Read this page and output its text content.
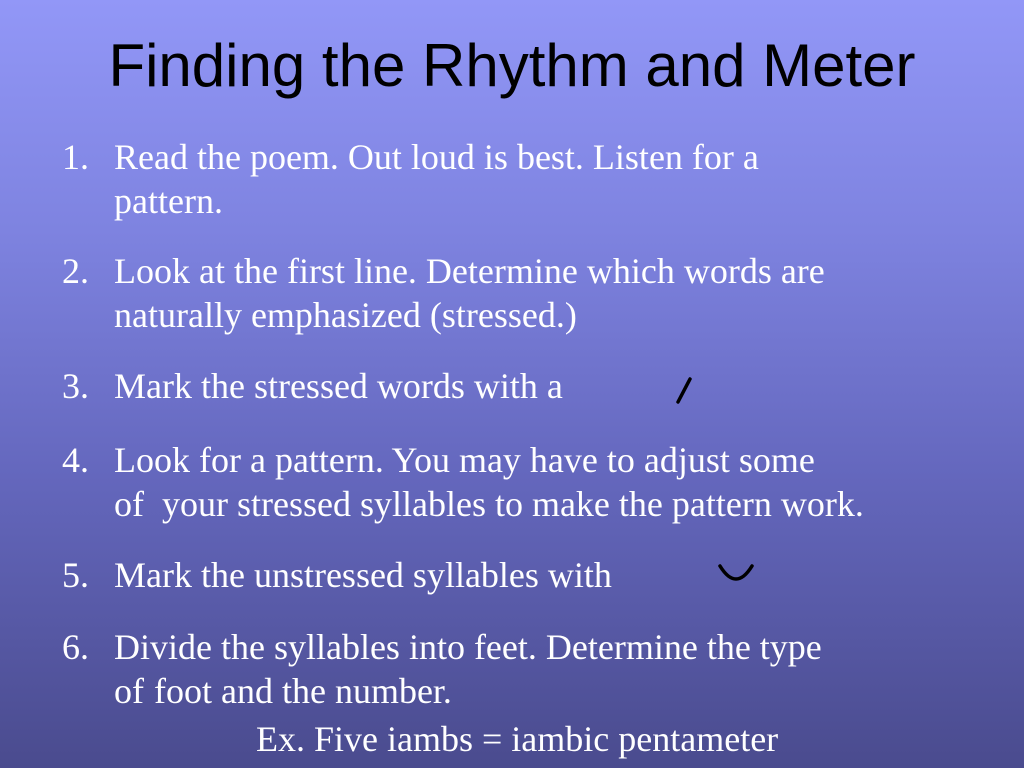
Finding the Rhythm and Meter
1. Read the poem. Out loud is best. Listen for a
pattern.
2. Look at the first line. Determine which words are
naturally emphasized (stressed.)
3. Mark the stressed words with a
4. Look for a pattern. You may have to adjust some
of your stressed syllables to make the pattern work.
5. Mark the unstressed syllables with
6. Divide the syllables into feet. Determine the type
of foot and the number.
Ex. Five iambs = iambic pentameter
